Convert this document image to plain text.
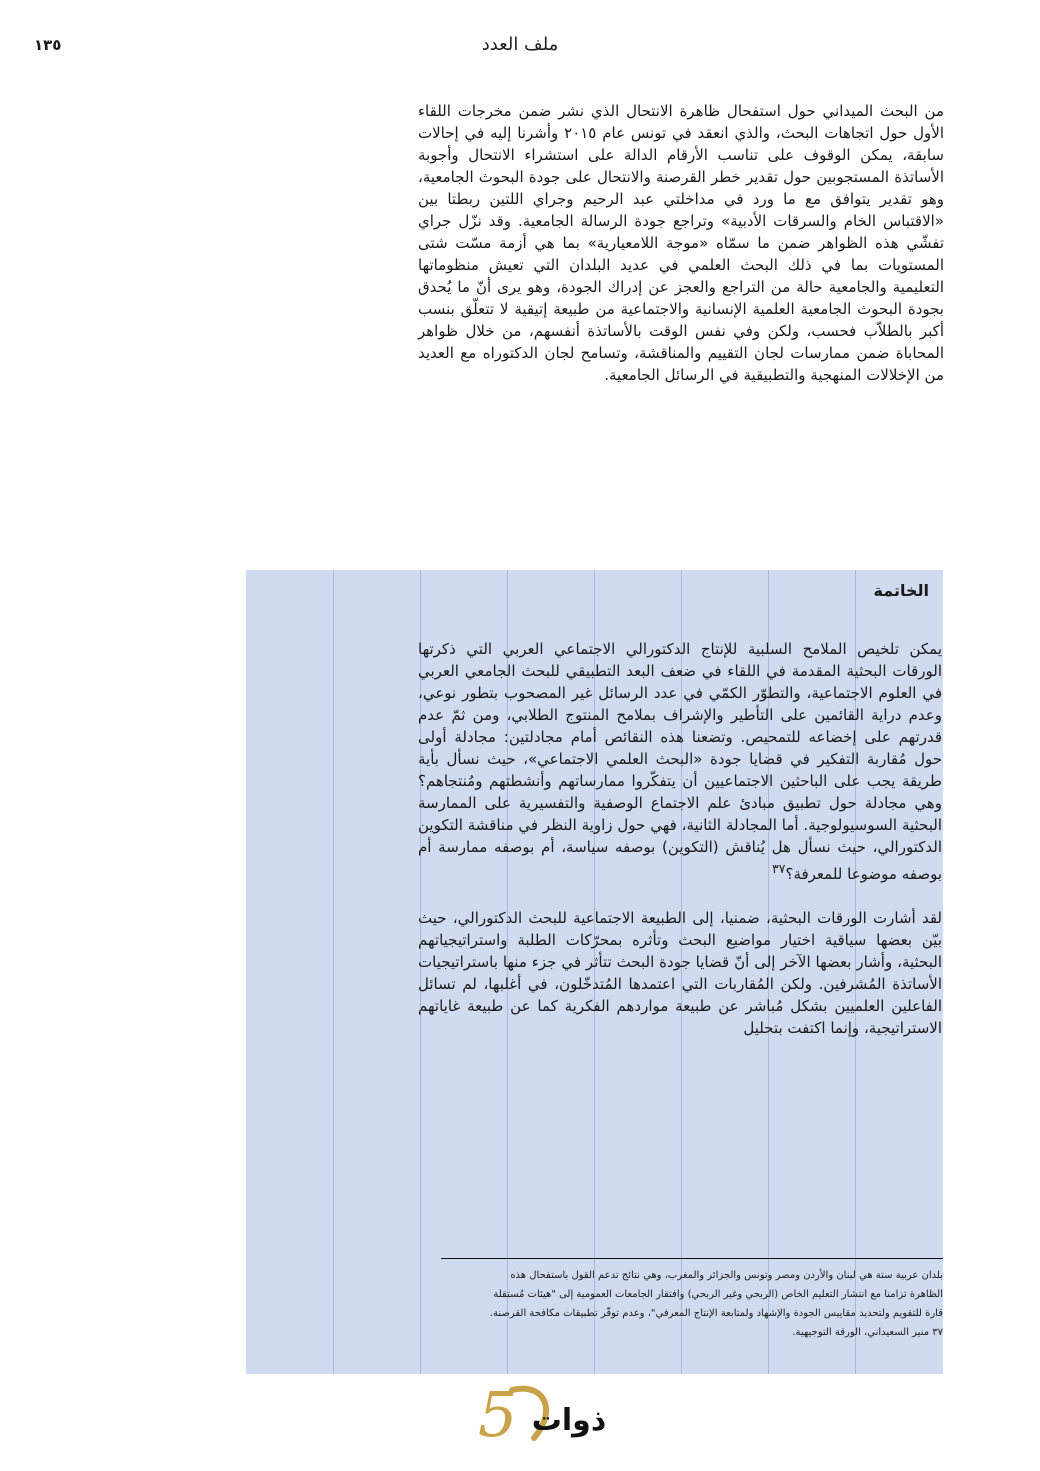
١٣٥	ملف العدد
من البحث الميداني حول استفحال ظاهرة الانتحال الذي نشر ضمن مخرجات اللقاء الأول حول اتجاهات البحث، والذي انعقد في تونس عام ٢٠١٥ وأشرنا إليه في إحالات سابقة، يمكن الوقوف على تناسب الأرقام الدالة على استشراء الانتحال وأجوبة الأساتذة المستجوبين حول تقدير خطر القرصنة والانتحال على جودة البحوث الجامعية، وهو تقدير يتوافق مع ما ورد في مداخلتي عبد الرحيم وجراي اللتين ربطتا بين «الاقتباس الخام والسرقات الأدبية» وتراجع جودة الرسالة الجامعية. وقد نزّل جراي تفشّي هذه الظواهر ضمن ما سمّاه «موجة اللامعيارية» بما هي أزمة مسّت شتى المستويات بما في ذلك البحث العلمي في عديد البلدان التي تعيش منظوماتها التعليمية والجامعية حالة من التراجع والعجز عن إدراك الجودة، وهو يرى أنّ ما يُحدق بجودة البحوث الجامعية العلمية الإنسانية والاجتماعية من طبيعة إتيقية لا تتعلّق بنسب أكبر بالطلاّب فحسب، ولكن وفي نفس الوقت بالأساتذة أنفسهم، من خلال ظواهر المحاباة ضمن ممارسات لجان التقييم والمناقشة، وتسامح لجان الدكتوراه مع العديد من الإخلالات المنهجية والتطبيقية في الرسائل الجامعية.
الخاتمة

يمكن تلخيص الملامح السلبية للإنتاج الدكتورالي الاجتماعي العربي التي ذكرتها الورقات البحثية المقدمة في اللقاء في ضعف البعد التطبيقي للبحث الجامعي العربي في العلوم الاجتماعية، والتطوّر الكمّي في عدد الرسائل غير المصحوب بتطور نوعي، وعدم دراية القائمين على التأطير والإشراف بملامح المنتوج الطلابي، ومن ثمّ عدم قدرتهم على إخضاعه للتمحيص. وتضعنا هذه النقائص أمام مجادلتين: مجادلة أولى حول مُقاربة التفكير في قضايا جودة «البحث العلمي الاجتماعي»، حيث نسأل بأية طريقة يجب على الباحثين الاجتماعيين أن يتفكّروا ممارساتهم وأنشطتهم ومُنتجاهم؟ وهي مجادلة حول تطبيق مبادئ علم الاجتماع الوصفية والتفسيرية على الممارسة البحثية السوسيولوجية. أما المجادلة الثانية، فهي حول زاوية النظر في مناقشة التكوين الدكتورالي، حيث نسأل هل يُناقش (التكوين) بوصفه سياسة، أم بوصفه ممارسة أم بوصفه موضوعا للمعرفة؟$^{٣٧}$

لقد أشارت الورقات البحثية، ضمنيا، إلى الطبيعة الاجتماعية للبحث الدكتورالي، حيث بيّن بعضها سياقية اختيار مواضيع البحث وتأثره بمحرّكات الطلبة واستراتيجياتهم البحثية، وأشار بعضها الآخر إلى أنّ قضايا جودة البحث تتأثر في جزء منها باستراتيجيات الأساتذة المُشرفين. ولكن المُقاربات التي اعتمدها المُتدخّلون، في أغلبها، لم تسائل الفاعلين العلميين بشكل مُباشر عن طبيعة مواردهم الفكرية كما عن طبيعة غاياتهم الاستراتيجية، وإنما اكتفت بتحليل

بلدان عربية ستة هي لبنان والأردن ومصر وتونس والجزائر والمغرب، وهي نتائج تدعم القول باستفحال هذه

الظاهرة تزامنا مع انتشار التعليم الخاص (الربحي وغير الربحي) وافتقار الجامعات العمومية إلى "هيئات مُستقلة

قارة للتقويم ولتحديد مقاييس الجودة والإشهاد ولمتابعة الإنتاج المعرفي"، وعدم توفّر تطبيقات مكافحة القرصنة.

٣٧ منير السعيداني، الورقة التوجيهية.

5 ذوات
